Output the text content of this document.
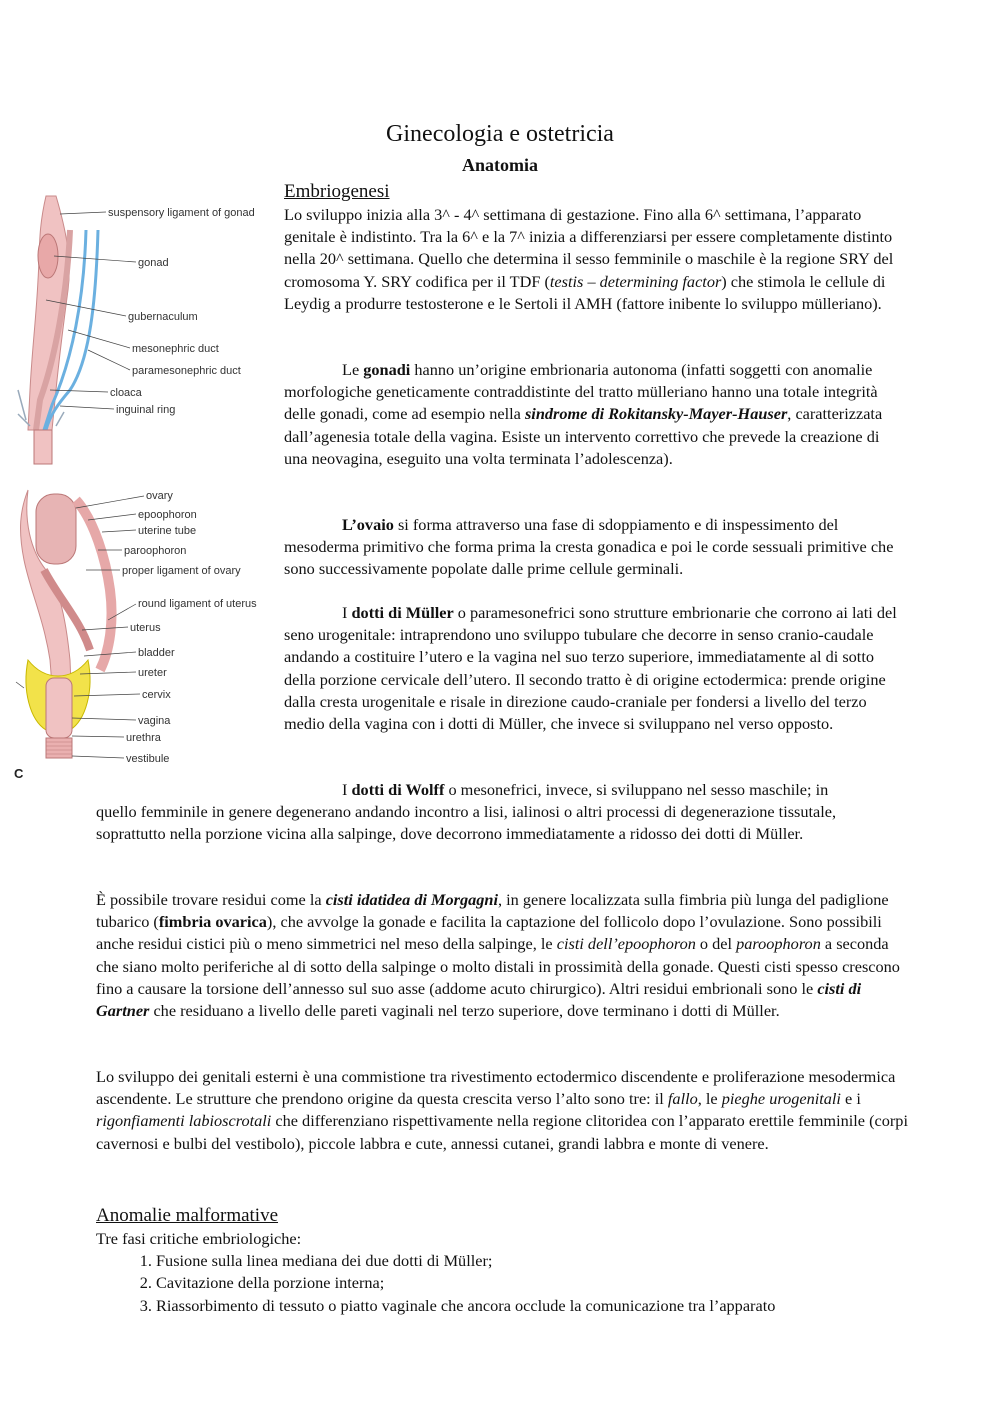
Ginecologia e ostetricia
Anatomia
suspensory ligament of gonad
gonad
gubernaculum
mesonephric duct
paramesonephric duct
cloaca
inguinal ring
ovary
epoophoron
uterine tube
paroophoron
proper ligament of ovary
round ligament of uterus
uterus
bladder
ureter
cervix
vagina
urethra
vestibule
C
Embriogenesi

Lo sviluppo inizia alla 3^ - 4^ settimana di gestazione. Fino alla 6^ settimana, l’apparato genitale è indistinto. Tra la 6^ e la 7^ inizia a differenziarsi per essere completamente distinto nella 20^ settimana. Quello che determina il sesso femminile o maschile è la regione SRY del cromosoma Y. SRY codifica per il TDF (testis – determining factor) che stimola le cellule di Leydig a produrre testosterone e le Sertoli il AMH (fattore inibente lo sviluppo mülleriano).

Le gonadi hanno un’origine embrionaria autonoma (infatti soggetti con anomalie morfologiche geneticamente contraddistinte del tratto mülleriano hanno una totale integrità delle gonadi, come ad esempio nella sindrome di Rokitansky-Mayer-Hauser, caratterizzata dall’agenesia totale della vagina. Esiste un intervento correttivo che prevede la creazione di una neovagina, eseguito una volta terminata l’adolescenza).

L’ovaio si forma attraverso una fase di sdoppiamento e di inspessimento del mesoderma primitivo che forma prima la cresta gonadica e poi le corde sessuali primitive che sono successivamente popolate dalle prime cellule germinali.

I dotti di Müller o paramesonefrici sono strutture embrionarie che corrono ai lati del seno urogenitale: intraprendono uno sviluppo tubulare che decorre in senso cranio-caudale andando a costituire l’utero e la vagina nel suo terzo superiore, immediatamente al di sotto della porzione cervicale dell’utero. Il secondo tratto è di origine ectodermica: prende origine dalla cresta urogenitale e risale in direzione caudo-craniale per fondersi a livello del terzo medio della vagina con i dotti di Müller, che invece si sviluppano nel verso opposto.

I dotti di Wolff o mesonefrici, invece, si sviluppano nel sesso maschile; in

quello femminile in genere degenerano andando incontro a lisi, ialinosi o altri processi di degenerazione tissutale, soprattutto nella porzione vicina alla salpinge, dove decorrono immediatamente a ridosso dei dotti di Müller.

È possibile trovare residui come la cisti idatidea di Morgagni, in genere localizzata sulla fimbria più lunga del padiglione tubarico (fimbria ovarica), che avvolge la gonade e facilita la captazione del follicolo dopo l’ovulazione. Sono possibili anche residui cistici più o meno simmetrici nel meso della salpinge, le cisti dell’epoophoron o del paroophoron a seconda che siano molto periferiche al di sotto della salpinge o molto distali in prossimità della gonade. Questi cisti spesso crescono fino a causare la torsione dell’annesso sul suo asse (addome acuto chirurgico). Altri residui embrionali sono le cisti di Gartner che residuano a livello delle pareti vaginali nel terzo superiore, dove terminano i dotti di Müller.

Lo sviluppo dei genitali esterni è una commistione tra rivestimento ectodermico discendente e proliferazione mesodermica ascendente. Le strutture che prendono origine da questa crescita verso l’alto sono tre: il fallo, le pieghe urogenitali e i rigonfiamenti labioscrotali che differenziano rispettivamente nella regione clitoridea con l’apparato erettile femminile (corpi cavernosi e bulbi del vestibolo), piccole labbra e cute, annessi cutanei, grandi labbra e monte di venere.

Anomalie malformative

Tre fasi critiche embriologiche:

1. Fusione sulla linea mediana dei due dotti di Müller;
2. Cavitazione della porzione interna;
3. Riassorbimento di tessuto o piatto vaginale che ancora occlude la comunicazione tra l’apparato
